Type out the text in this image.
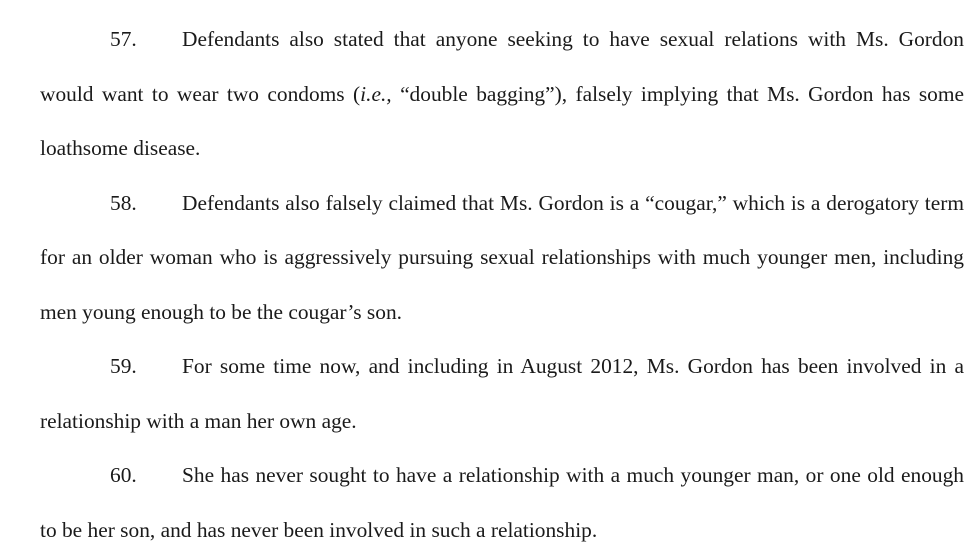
57. Defendants also stated that anyone seeking to have sexual relations with Ms. Gordon would want to wear two condoms (i.e., “double bagging”), falsely implying that Ms. Gordon has some loathsome disease.

58. Defendants also falsely claimed that Ms. Gordon is a “cougar,” which is a derogatory term for an older woman who is aggressively pursuing sexual relationships with much younger men, including men young enough to be the cougar’s son.

59. For some time now, and including in August 2012, Ms. Gordon has been involved in a relationship with a man her own age.

60. She has never sought to have a relationship with a much younger man, or one old enough to be her son, and has never been involved in such a relationship.
